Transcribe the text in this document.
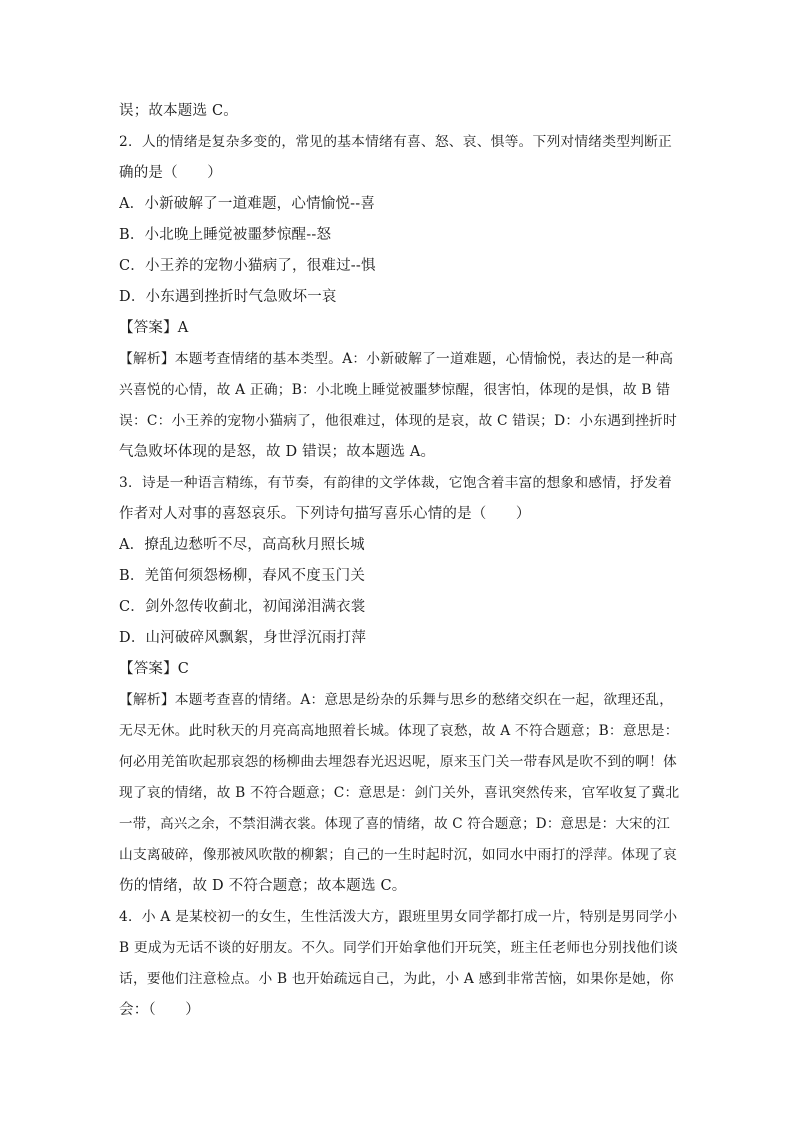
误；故本题选 C。
2．人的情绪是复杂多变的，常见的基本情绪有喜、怒、哀、惧等。下列对情绪类型判断正
确的是（　　）
A．小新破解了一道难题，心情愉悦--喜
B．小北晚上睡觉被噩梦惊醒--怒
C．小王养的宠物小猫病了，很难过--惧
D．小东遇到挫折时气急败坏一哀
【答案】A
【解析】本题考查情绪的基本类型。A：小新破解了一道难题，心情愉悦，表达的是一种高
兴喜悦的心情，故 A 正确；B：小北晚上睡觉被噩梦惊醒，很害怕，体现的是惧，故 B 错
误：C：小王养的宠物小猫病了，他很难过，体现的是哀，故 C 错误；D：小东遇到挫折时
气急败坏体现的是怒，故 D 错误；故本题选 A。
3．诗是一种语言精练，有节奏，有韵律的文学体裁，它饱含着丰富的想象和感情，抒发着
作者对人对事的喜怒哀乐。下列诗句描写喜乐心情的是（　　）
A．撩乱边愁听不尽，高高秋月照长城
B．羌笛何须怨杨柳，春风不度玉门关
C．剑外忽传收蓟北，初闻涕泪满衣裳
D．山河破碎风飘絮，身世浮沉雨打萍
【答案】C
【解析】本题考查喜的情绪。A：意思是纷杂的乐舞与思乡的愁绪交织在一起，欲理还乱，
无尽无休。此时秋天的月亮高高地照着长城。体现了哀愁，故 A 不符合题意；B：意思是：
何必用羌笛吹起那哀怨的杨柳曲去埋怨春光迟迟呢，原来玉门关一带春风是吹不到的啊！体
现了哀的情绪，故 B 不符合题意；C：意思是：剑门关外，喜讯突然传来，官军收复了冀北
一带，高兴之余，不禁泪满衣裳。体现了喜的情绪，故 C 符合题意；D：意思是：大宋的江
山支离破碎，像那被风吹散的柳絮；自己的一生时起时沉，如同水中雨打的浮萍。体现了哀
伤的情绪，故 D 不符合题意；故本题选 C。
4．小 A 是某校初一的女生，生性活泼大方，跟班里男女同学都打成一片，特别是男同学小
B 更成为无话不谈的好朋友。不久。同学们开始拿他们开玩笑，班主任老师也分别找他们谈
话，要他们注意检点。小 B 也开始疏远自己，为此，小 A 感到非常苦恼，如果你是她，你
会：（　　）
